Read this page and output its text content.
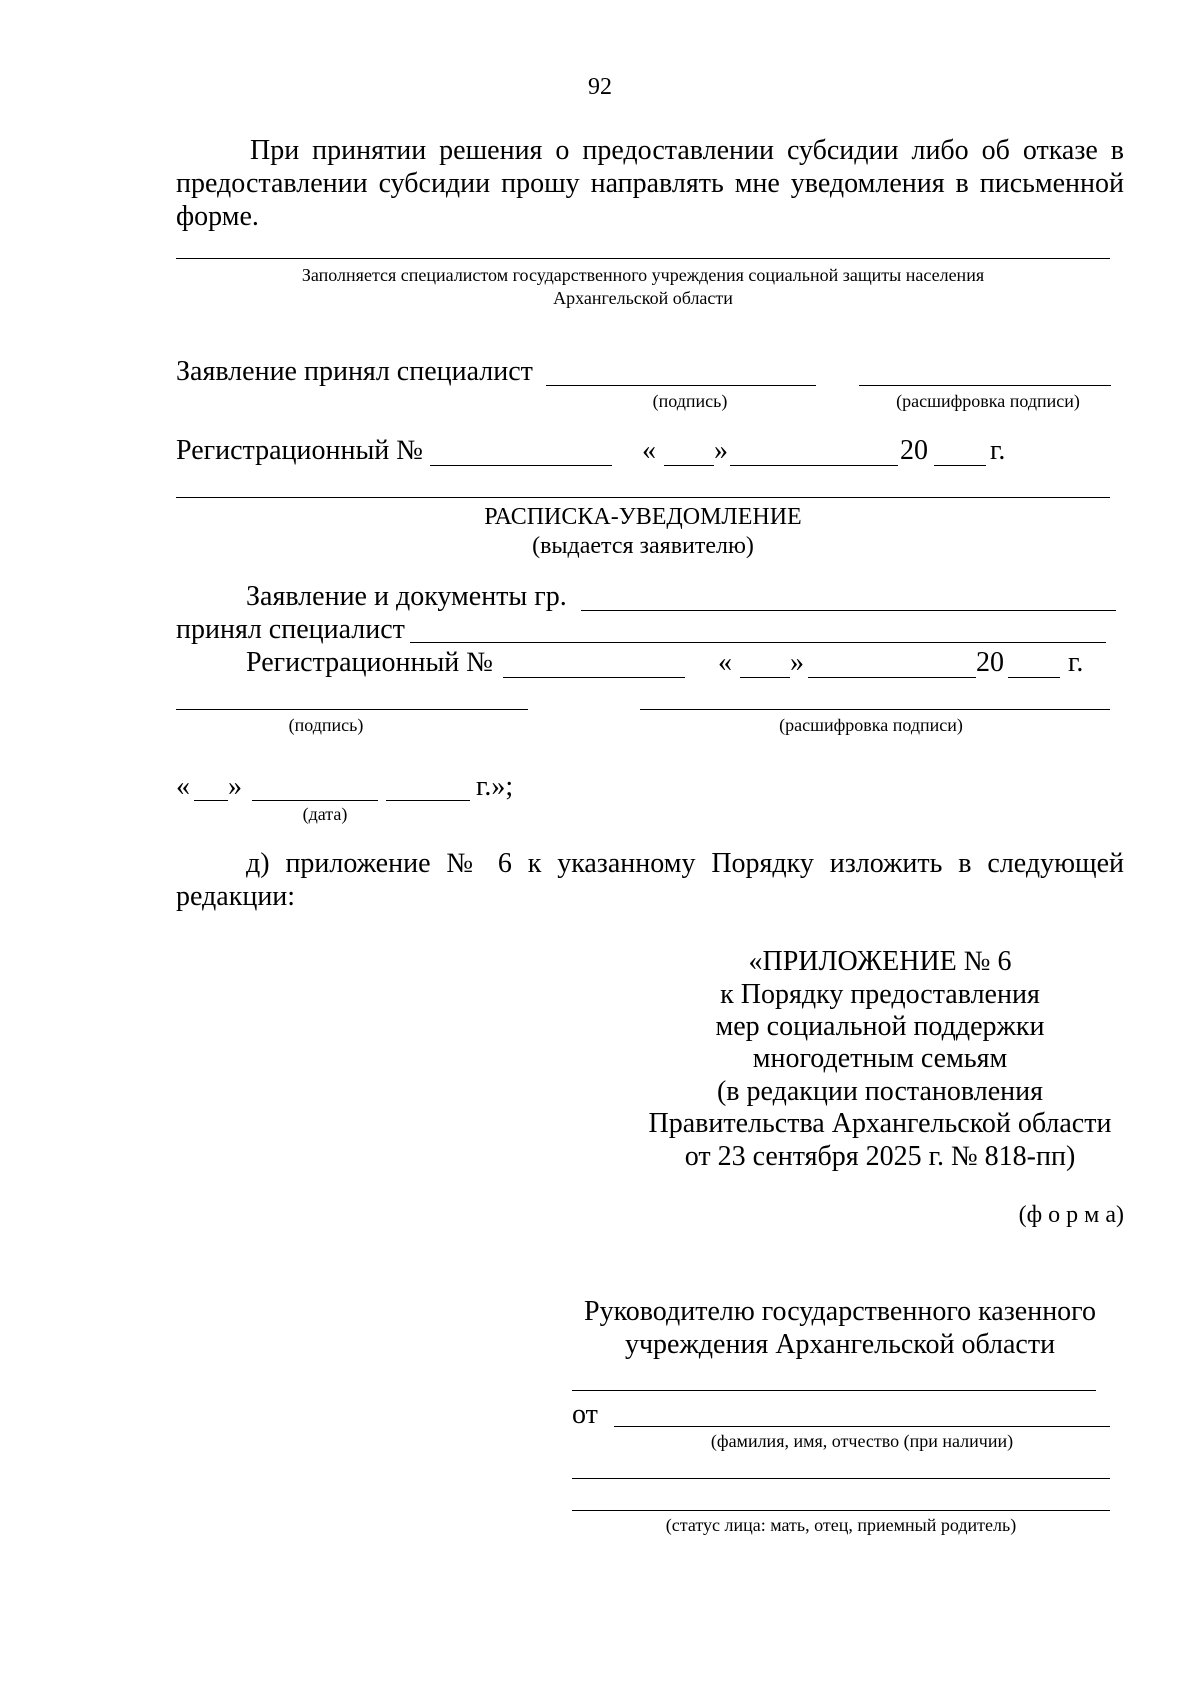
92
При принятии решения о предоставлении субсидии либо об отказе в предоставлении субсидии прошу направлять мне уведомления в письменной форме.
Заполняется специалистом государственного учреждения социальной защиты населения
Архангельской области
Заявление принял специалист
(подпись)	(расшифровка подписи)
Регистрационный №	« »	20 г.
РАСПИСКА-УВЕДОМЛЕНИЕ
(выдается заявителю)
Заявление и документы гр.
принял специалист
Регистрационный №	« »	20 г.
(подпись)	(расшифровка подписи)
« »	г.»;
(дата)
д) приложение № 6 к указанному Порядку изложить в следующей
редакции:
«ПРИЛОЖЕНИЕ № 6
к Порядку предоставления
мер социальной поддержки
многодетным семьям
(в редакции постановления
Правительства Архангельской области
от 23 сентября 2025 г. № 818-пп)
(ф о р м а)
Руководителю государственного казенного
учреждения Архангельской области
от
(фамилия, имя, отчество (при наличии)
(статус лица: мать, отец, приемный родитель)
